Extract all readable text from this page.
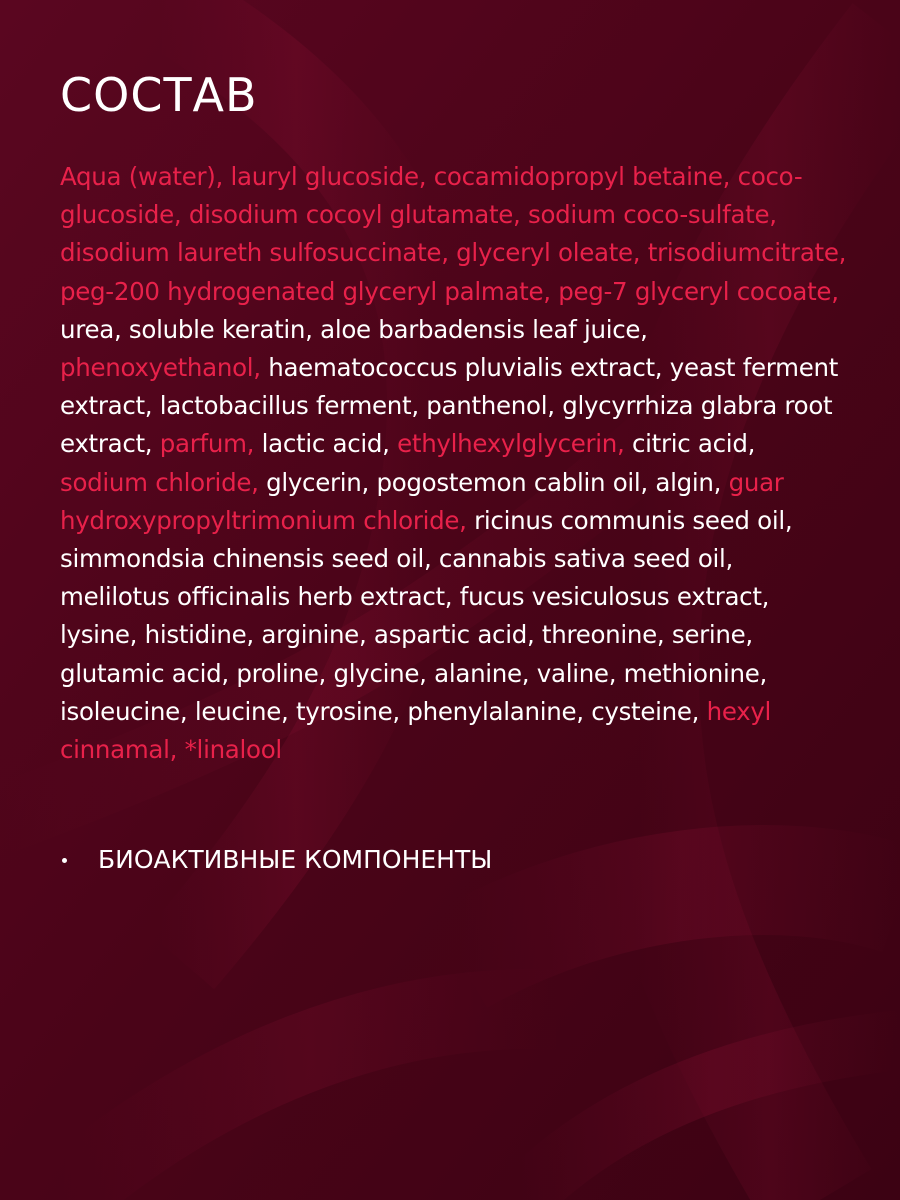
СОСТАВ

Aqua (water), lauryl glucoside, cocamidopropyl betaine, coco-glucoside, disodium cocoyl glutamate, sodium coco-sulfate, disodium laureth sulfosuccinate, glyceryl oleate, trisodiumcitrate, peg-200 hydrogenated glyceryl palmate, peg-7 glyceryl cocoate, urea, soluble keratin, aloe barbadensis leaf juice, phenoxyethanol, haematococcus pluvialis extract, yeast ferment extract, lactobacillus ferment, panthenol, glycyrrhiza glabra root extract, parfum, lactic acid, ethylhexylglycerin, citric acid, sodium chloride, glycerin, pogostemon cablin oil, algin, guar hydroxypropyltrimonium chloride, ricinus communis seed oil, simmondsia chinensis seed oil, cannabis sativa seed oil, melilotus officinalis herb extract, fucus vesiculosus extract, lysine, histidine, arginine, aspartic acid, threonine, serine, glutamic acid, proline, glycine, alanine, valine, methionine, isoleucine, leucine, tyrosine, phenylalanine, cysteine, hexyl cinnamal, *linalool

БИОАКТИВНЫЕ КОМПОНЕНТЫ
